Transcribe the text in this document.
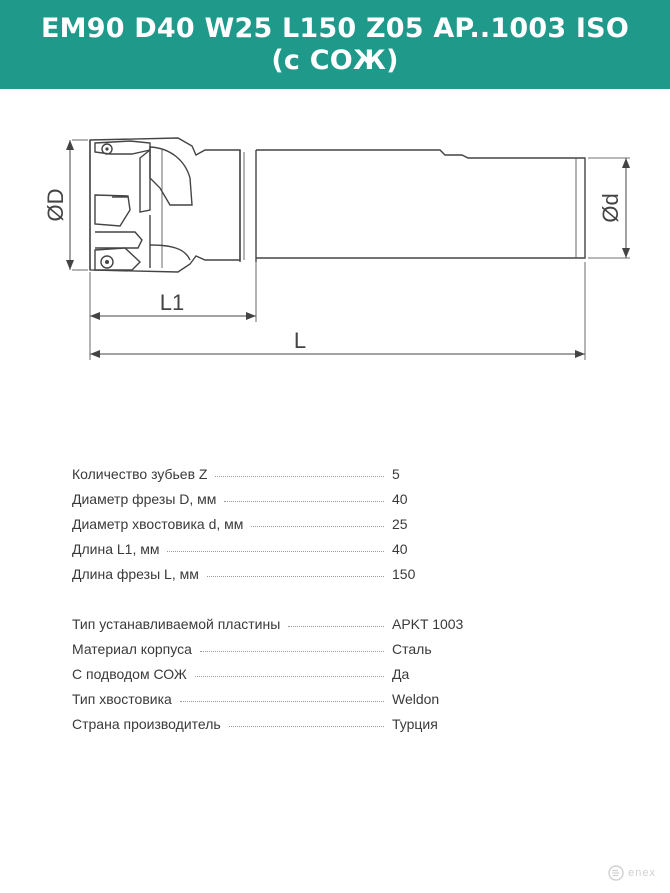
EM90 D40 W25 L150 Z05 AP..1003 ISO (с СОЖ)
ØD	Ød
L1
L
Количество зубьев Z	5
Диаметр фрезы D, мм	40
Диаметр хвостовика d, мм	25
Длина L1, мм	40
Длина фрезы L, мм	150
Тип устанавливаемой пластины	APKT 1003
Материал корпуса	Сталь
С подводом СОЖ	Да
Тип хвостовика	Weldon
Страна производитель	Турция
enex
